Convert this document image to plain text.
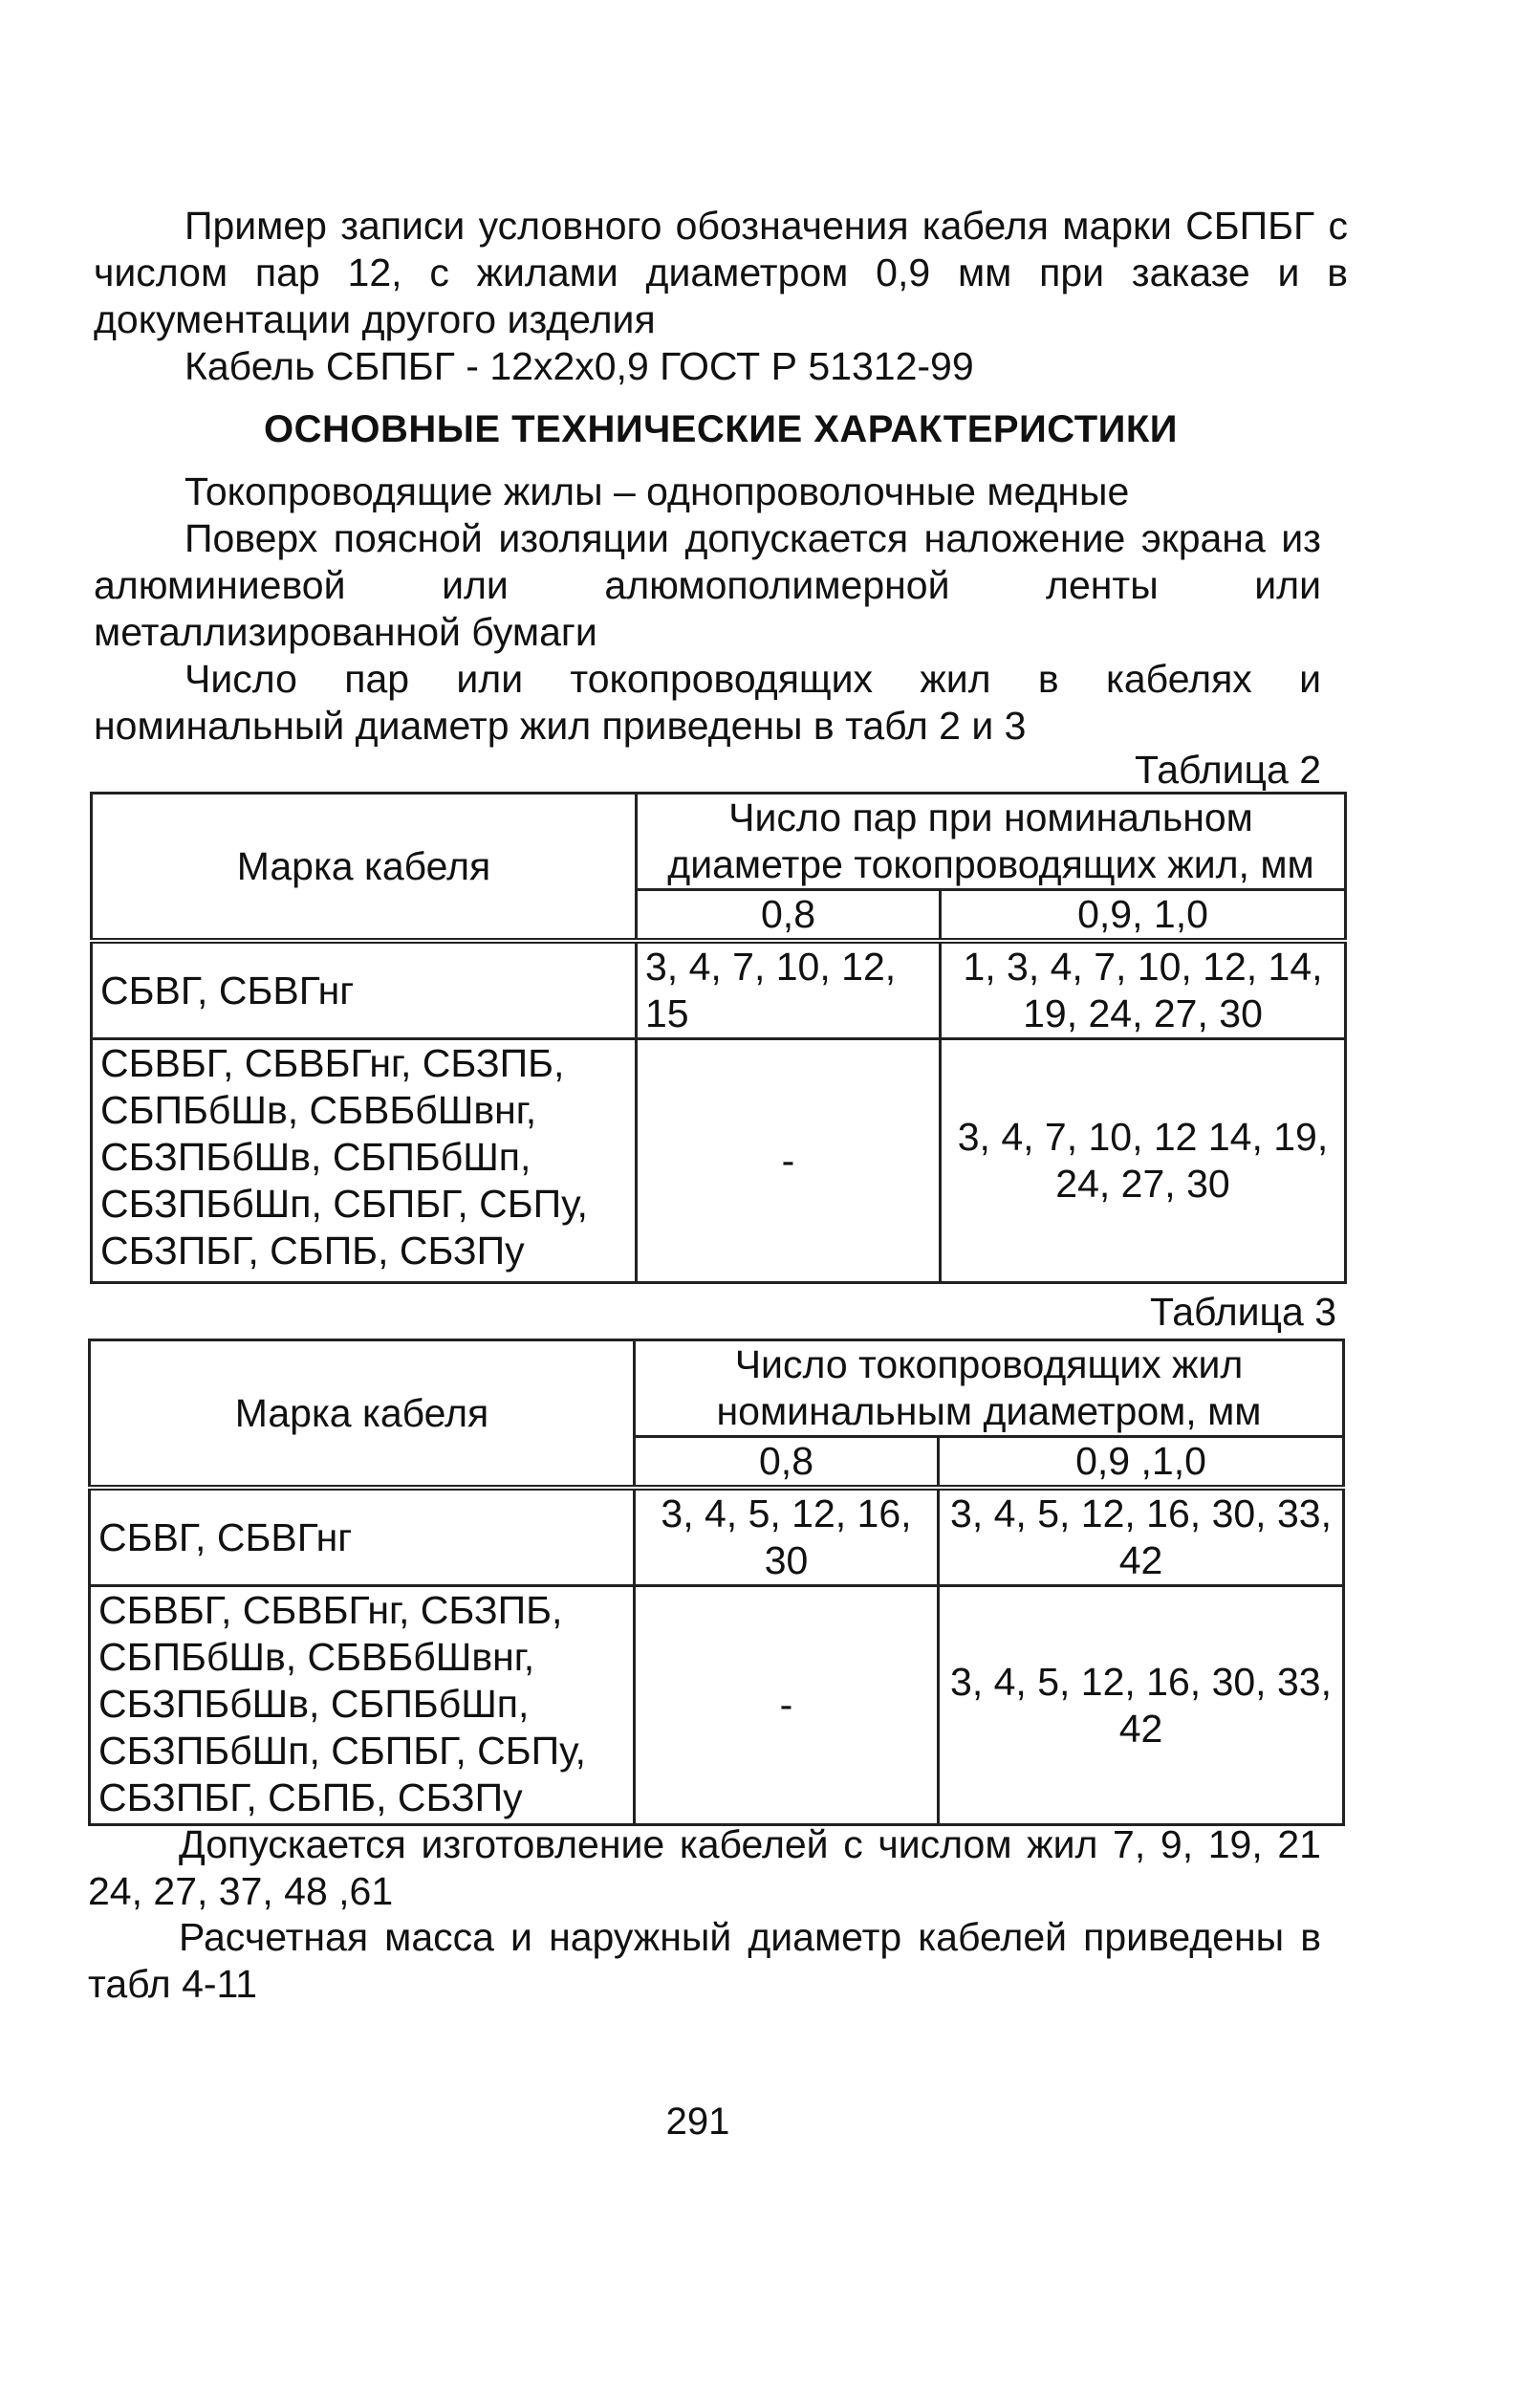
Пример записи условного обозначения кабеля марки СБПБГ с числом пар 12, с жилами диаметром 0,9 мм при заказе и в документации другого изделия

Кабель СБПБГ - 12х2х0,9 ГОСТ Р 51312-99

ОСНОВНЫЕ ТЕХНИЧЕСКИЕ ХАРАКТЕРИСТИКИ

Токопроводящие жилы – однопроволочные медные

Поверх поясной изоляции допускается наложение экрана из алюминиевой или алюмополимерной ленты или металлизированной бумаги

Число пар или токопроводящих жил в кабелях и номинальный диаметр жил приведены в табл 2 и 3

Таблица 2

Марка кабеля	Число пар при номинальном диаметре токопроводящих жил, мм	
	0,8	0,9, 1,0
СБВГ, СБВГнг	3, 4, 7, 10, 12, 15	1, 3, 4, 7, 10, 12, 14, 19, 24, 27, 30
СБВБГ, СБВБГнг, СБЗПБ, СБПБбШв, СБВБбШвнг, СБЗПБбШв, СБПБбШп, СБЗПБбШп, СБПБГ, СБПу, СБЗПБГ, СБПБ, СБЗПу	-	3, 4, 7, 10, 12 14, 19, 24, 27, 30

Таблица 3

Марка кабеля	Число токопроводящих жил номинальным диаметром, мм	
	0,8	0,9 ,1,0
СБВГ, СБВГнг	3, 4, 5, 12, 16, 30	3, 4, 5, 12, 16, 30, 33, 42
СБВБГ, СБВБГнг, СБЗПБ, СБПБбШв, СБВБбШвнг, СБЗПБбШв, СБПБбШп, СБЗПБбШп, СБПБГ, СБПу, СБЗПБГ, СБПБ, СБЗПу	-	3, 4, 5, 12, 16, 30, 33, 42

Допускается изготовление кабелей с числом жил 7, 9, 19, 21 24, 27, 37, 48 ,61

Расчетная масса и наружный диаметр кабелей приведены в табл 4-11

291
